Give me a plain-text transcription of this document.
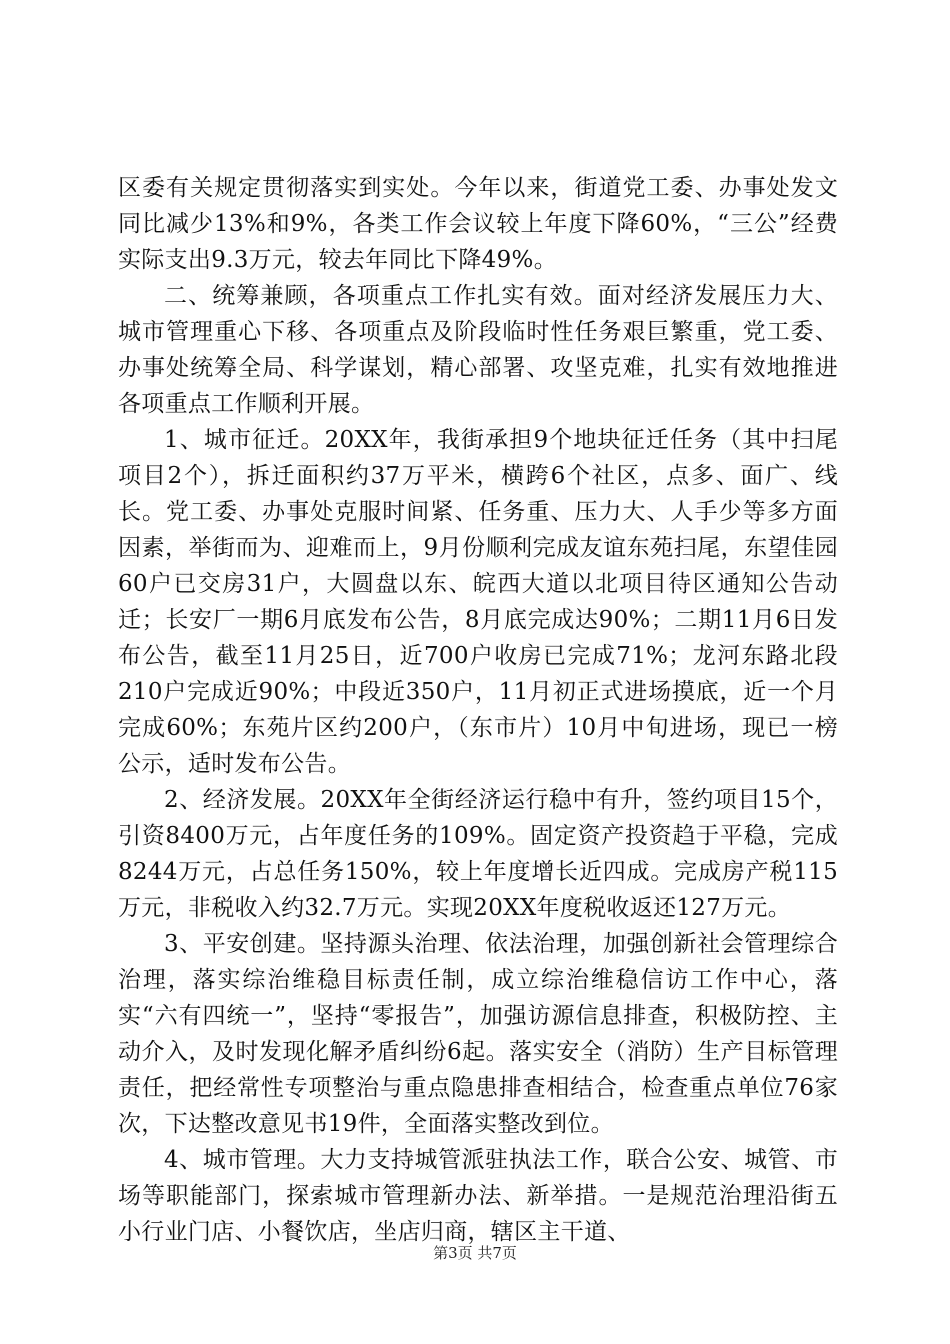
区委有关规定贯彻落实到实处。今年以来，街道党工委、办事处发文同比减少13%和9%，各类工作会议较上年度下降60%，“三公”经费实际支出9.3万元，较去年同比下降49%。

二、统筹兼顾，各项重点工作扎实有效。面对经济发展压力大、城市管理重心下移、各项重点及阶段临时性任务艰巨繁重，党工委、办事处统筹全局、科学谋划，精心部署、攻坚克难，扎实有效地推进各项重点工作顺利开展。

1、城市征迁。20XX年，我街承担9个地块征迁任务（其中扫尾项目2个），拆迁面积约37万平米，横跨6个社区，点多、面广、线长。党工委、办事处克服时间紧、任务重、压力大、人手少等多方面因素，举街而为、迎难而上，9月份顺利完成友谊东苑扫尾，东望佳园60户已交房31户，大圆盘以东、皖西大道以北项目待区通知公告动迁；长安厂一期6月底发布公告，8月底完成达90%；二期11月6日发布公告，截至11月25日，近700户收房已完成71%；龙河东路北段210户完成近90%；中段近350户，11月初正式进场摸底，近一个月完成60%；东苑片区约200户，（东市片）10月中旬进场，现已一榜公示，适时发布公告。

2、经济发展。20XX年全街经济运行稳中有升，签约项目15个，引资8400万元，占年度任务的109%。固定资产投资趋于平稳，完成8244万元，占总任务150%，较上年度增长近四成。完成房产税115万元，非税收入约32.7万元。实现20XX年度税收返还127万元。

3、平安创建。坚持源头治理、依法治理，加强创新社会管理综合治理，落实综治维稳目标责任制，成立综治维稳信访工作中心，落实“六有四统一”，坚持“零报告”，加强访源信息排查，积极防控、主动介入，及时发现化解矛盾纠纷6起。落实安全（消防）生产目标管理责任，把经常性专项整治与重点隐患排查相结合，检查重点单位76家次，下达整改意见书19件，全面落实整改到位。

4、城市管理。大力支持城管派驻执法工作，联合公安、城管、市场等职能部门，探索城市管理新办法、新举措。一是规范治理沿街五小行业门店、小餐饮店，坐店归商，辖区主干道、

第3页 共7页
